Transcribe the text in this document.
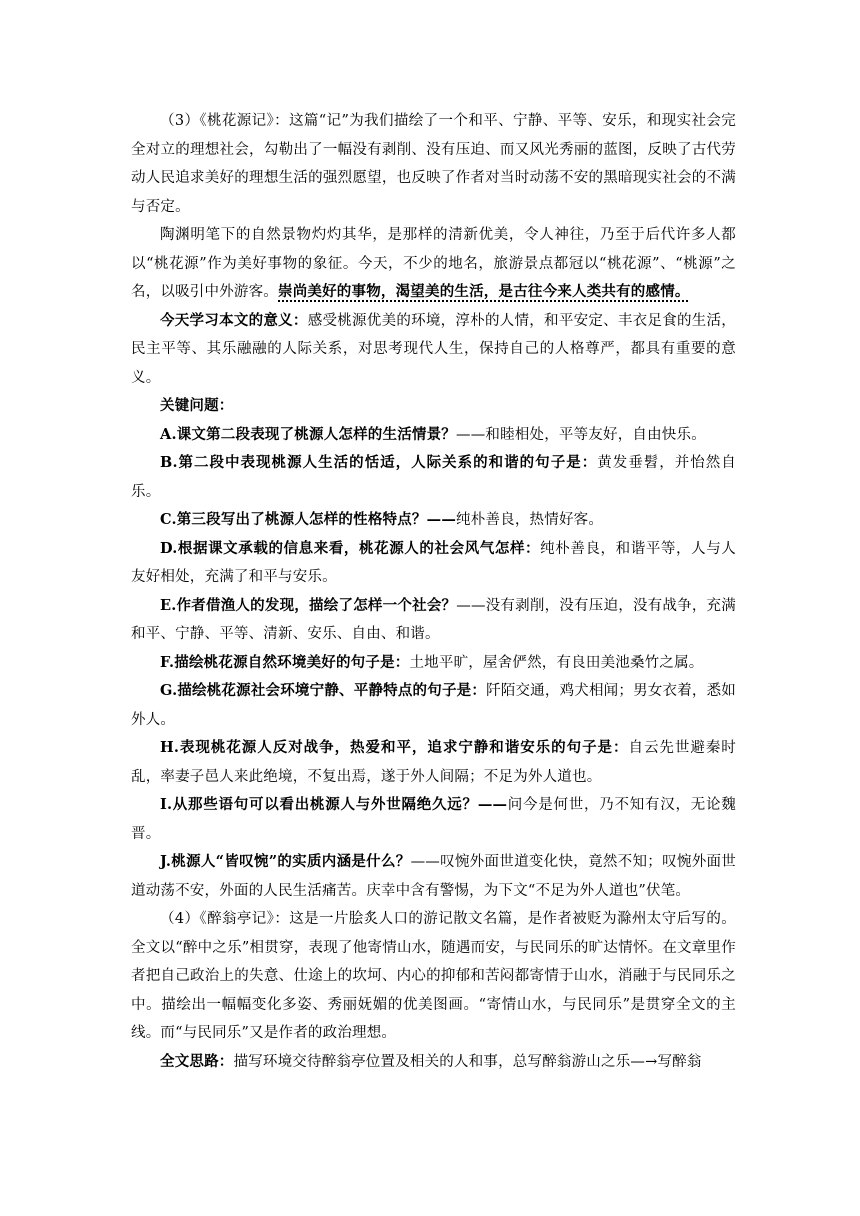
（3）《桃花源记》：这篇“记”为我们描绘了一个和平、宁静、平等、安乐，和现实社会完全对立的理想社会，勾勒出了一幅没有剥削、没有压迫、而又风光秀丽的蓝图，反映了古代劳动人民追求美好的理想生活的强烈愿望，也反映了作者对当时动荡不安的黑暗现实社会的不满与否定。

陶渊明笔下的自然景物灼灼其华，是那样的清新优美，令人神往，乃至于后代许多人都以“桃花源”作为美好事物的象征。今天，不少的地名，旅游景点都冠以“桃花源”、“桃源”之名，以吸引中外游客。崇尚美好的事物，渴望美的生活，是古往今来人类共有的感情。

今天学习本文的意义：感受桃源优美的环境，淳朴的人情，和平安定、丰衣足食的生活，民主平等、其乐融融的人际关系，对思考现代人生，保持自己的人格尊严，都具有重要的意义。

关键问题：

A.课文第二段表现了桃源人怎样的生活情景？——和睦相处，平等友好，自由快乐。

B.第二段中表现桃源人生活的恬适，人际关系的和谐的句子是：黄发垂髫，并怡然自乐。

C.第三段写出了桃源人怎样的性格特点？——纯朴善良，热情好客。

D.根据课文承载的信息来看，桃花源人的社会风气怎样：纯朴善良，和谐平等，人与人友好相处，充满了和平与安乐。

E.作者借渔人的发现，描绘了怎样一个社会？——没有剥削，没有压迫，没有战争，充满和平、宁静、平等、清新、安乐、自由、和谐。

F.描绘桃花源自然环境美好的句子是：土地平旷，屋舍俨然，有良田美池桑竹之属。

G.描绘桃花源社会环境宁静、平静特点的句子是：阡陌交通，鸡犬相闻；男女衣着，悉如外人。

H.表现桃花源人反对战争，热爱和平，追求宁静和谐安乐的句子是：自云先世避秦时乱，率妻子邑人来此绝境，不复出焉，遂于外人间隔；不足为外人道也。

I.从那些语句可以看出桃源人与外世隔绝久远？——问今是何世，乃不知有汉，无论魏晋。

J.桃源人“皆叹惋”的实质内涵是什么？——叹惋外面世道变化快，竟然不知；叹惋外面世道动荡不安，外面的人民生活痛苦。庆幸中含有警惕，为下文“不足为外人道也”伏笔。

（4）《醉翁亭记》：这是一片脍炙人口的游记散文名篇，是作者被贬为滁州太守后写的。全文以“醉中之乐”相贯穿，表现了他寄情山水，随遇而安，与民同乐的旷达情怀。在文章里作者把自己政治上的失意、仕途上的坎坷、内心的抑郁和苦闷都寄情于山水，消融于与民同乐之中。描绘出一幅幅变化多姿、秀丽妩媚的优美图画。“寄情山水，与民同乐”是贯穿全文的主线。而“与民同乐”又是作者的政治理想。

全文思路：描写环境交待醉翁亭位置及相关的人和事，总写醉翁游山之乐—→写醉翁
